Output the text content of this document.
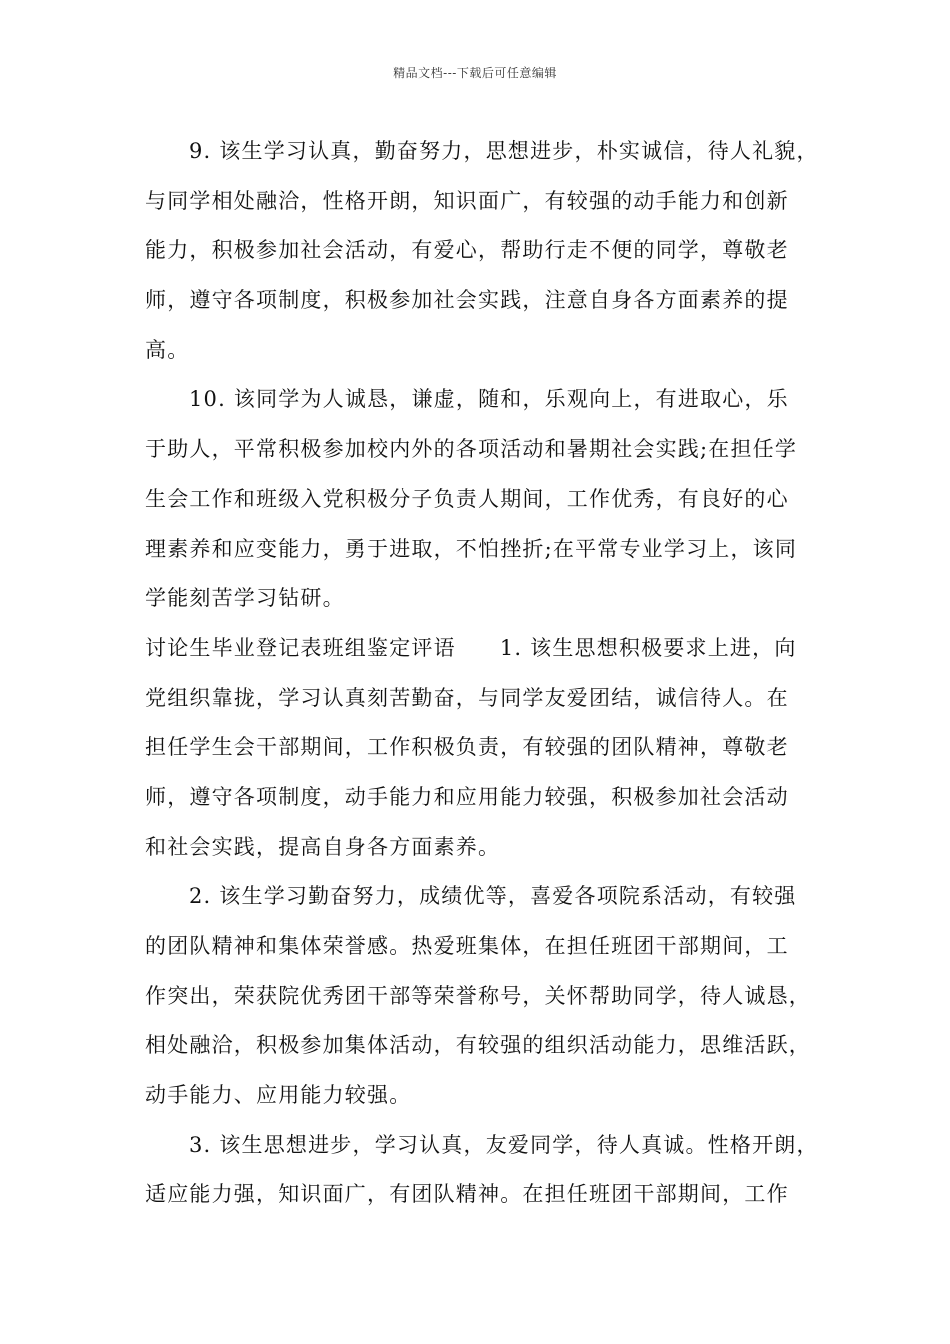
精品文档---下载后可任意编辑
9. 该生学习认真，勤奋努力，思想进步，朴实诚信，待人礼貌，
与同学相处融洽，性格开朗，知识面广，有较强的动手能力和创新
能力，积极参加社会活动，有爱心，帮助行走不便的同学，尊敬老
师，遵守各项制度，积极参加社会实践，注意自身各方面素养的提
高。
10. 该同学为人诚恳，谦虚，随和，乐观向上，有进取心，乐
于助人，平常积极参加校内外的各项活动和暑期社会实践;在担任学
生会工作和班级入党积极分子负责人期间，工作优秀，有良好的心
理素养和应变能力，勇于进取，不怕挫折;在平常专业学习上，该同
学能刻苦学习钻研。
讨论生毕业登记表班组鉴定评语 1. 该生思想积极要求上进，向
党组织靠拢，学习认真刻苦勤奋，与同学友爱团结，诚信待人。在
担任学生会干部期间，工作积极负责，有较强的团队精神，尊敬老
师，遵守各项制度，动手能力和应用能力较强，积极参加社会活动
和社会实践，提高自身各方面素养。
2. 该生学习勤奋努力，成绩优等，喜爱各项院系活动，有较强
的团队精神和集体荣誉感。热爱班集体，在担任班团干部期间，工
作突出，荣获院优秀团干部等荣誉称号，关怀帮助同学，待人诚恳，
相处融洽，积极参加集体活动，有较强的组织活动能力，思维活跃，
动手能力、应用能力较强。
3. 该生思想进步，学习认真，友爱同学，待人真诚。性格开朗，
适应能力强，知识面广，有团队精神。在担任班团干部期间，工作
